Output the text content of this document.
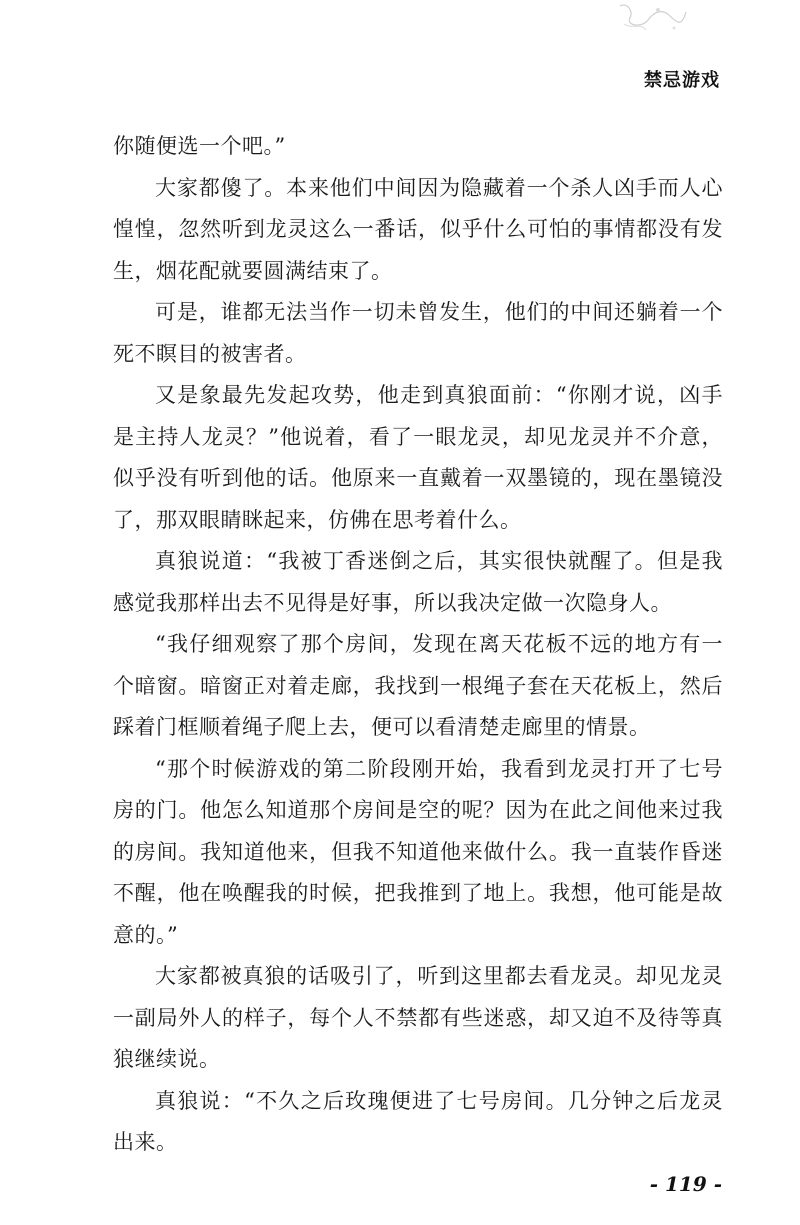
禁忌游戏

你随便选一个吧。”

大家都傻了。本来他们中间因为隐藏着一个杀人凶手而人心惶惶，忽然听到龙灵这么一番话，似乎什么可怕的事情都没有发生，烟花配就要圆满结束了。

可是，谁都无法当作一切未曾发生，他们的中间还躺着一个死不瞑目的被害者。

又是象最先发起攻势，他走到真狼面前：“你刚才说，凶手是主持人龙灵？”他说着，看了一眼龙灵，却见龙灵并不介意，似乎没有听到他的话。他原来一直戴着一双墨镜的，现在墨镜没了，那双眼睛眯起来，仿佛在思考着什么。

真狼说道：“我被丁香迷倒之后，其实很快就醒了。但是我感觉我那样出去不见得是好事，所以我决定做一次隐身人。

“我仔细观察了那个房间，发现在离天花板不远的地方有一个暗窗。暗窗正对着走廊，我找到一根绳子套在天花板上，然后踩着门框顺着绳子爬上去，便可以看清楚走廊里的情景。

“那个时候游戏的第二阶段刚开始，我看到龙灵打开了七号房的门。他怎么知道那个房间是空的呢？因为在此之间他来过我的房间。我知道他来，但我不知道他来做什么。我一直装作昏迷不醒，他在唤醒我的时候，把我推到了地上。我想，他可能是故意的。”

大家都被真狼的话吸引了，听到这里都去看龙灵。却见龙灵一副局外人的样子，每个人不禁都有些迷惑，却又迫不及待等真狼继续说。

真狼说：“不久之后玫瑰便进了七号房间。几分钟之后龙灵出来。

- 119 -
